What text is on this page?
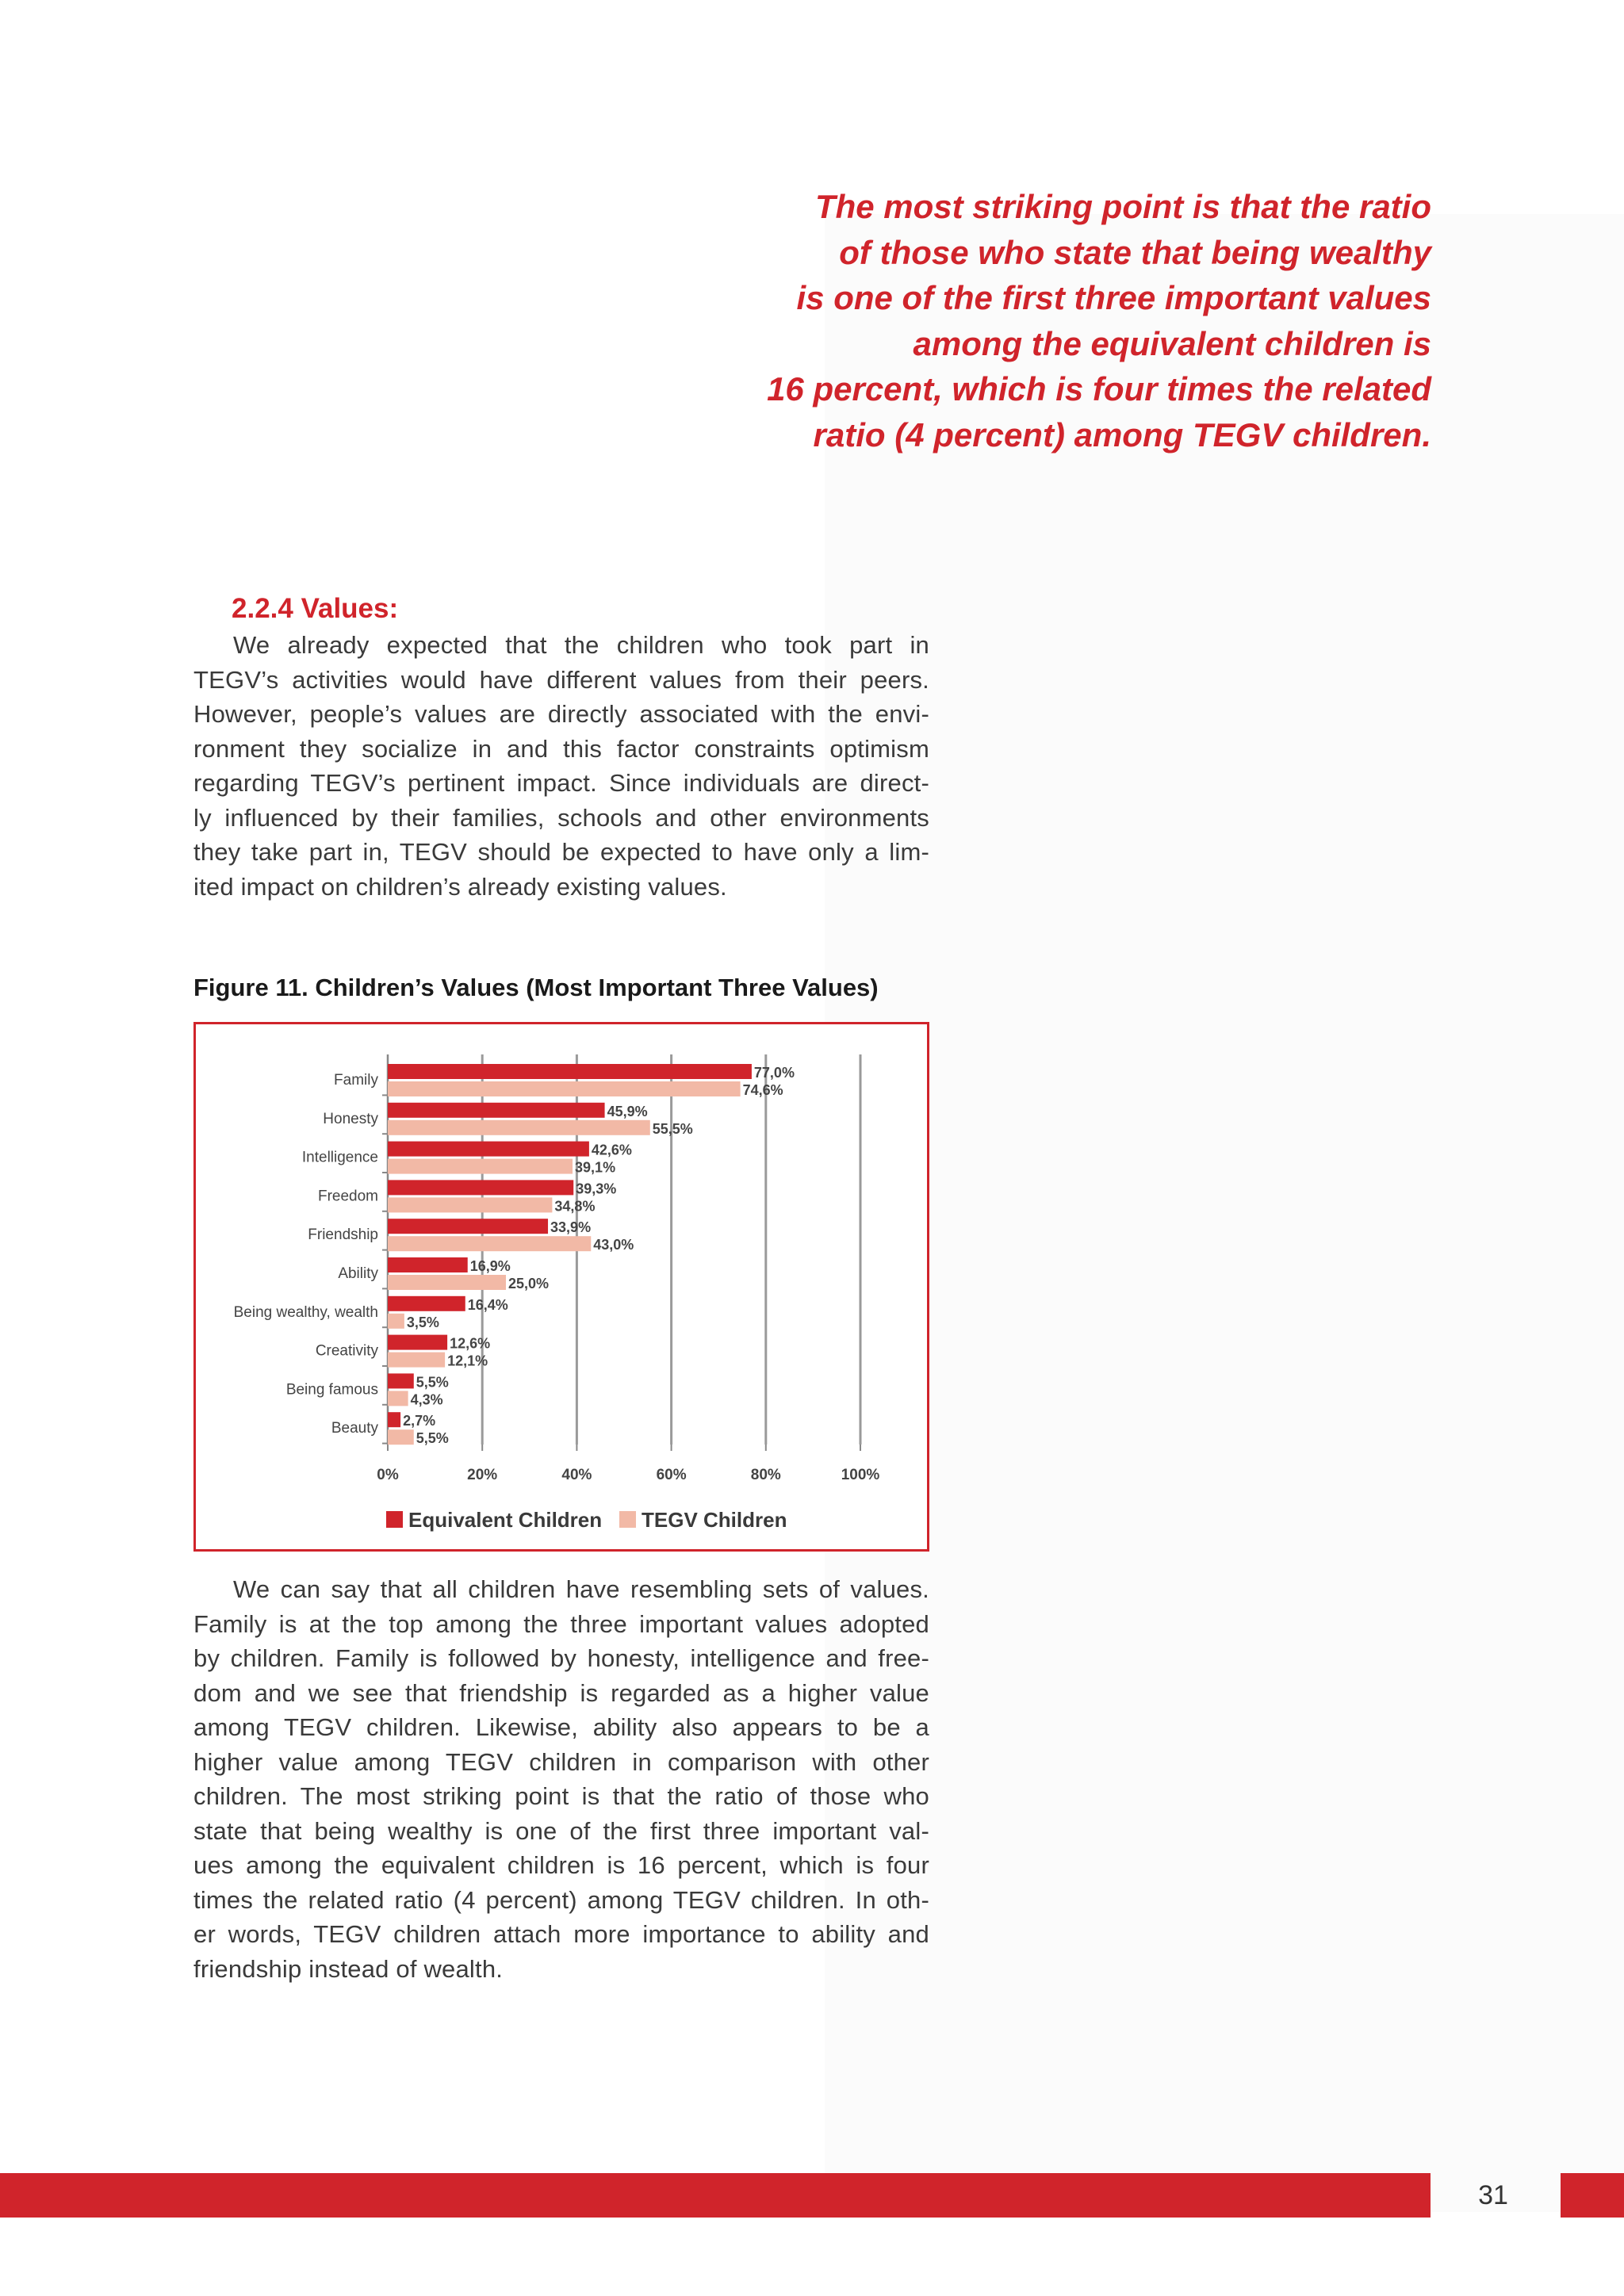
The most striking point is that the ratio
of those who state that being wealthy
is one of the first three important values
among the equivalent children is
16 percent, which is four times the related
ratio (4 percent) among TEGV children.
2.2.4 Values:
We already expected that the children who took part in
TEGV’s activities would have different values from their peers.
However, people’s values are directly associated with the envi-
ronment they socialize in and this factor constraints optimism
regarding TEGV’s pertinent impact. Since individuals are direct-
ly influenced by their families, schools and other environments
they take part in, TEGV should be expected to have only a lim-
ited impact on children’s already existing values.

Figure 11. Children’s Values (Most Important Three Values)

0%	20%	40%	60%	80%	100%
Family	77,0%
74,6%
Honesty	45,9%
55,5%
Intelligence	42,6%
39,1%
Freedom	39,3%
34,8%
Friendship	33,9%
43,0%
Ability	16,9%
25,0%
Being wealthy, wealth	16,4%
3,5%
Creativity	12,6%
12,1%
Being famous	5,5%
4,3%
Beauty 2,7%
5,5%
Equivalent Children TEGV Children
We can say that all children have resembling sets of values.
Family is at the top among the three important values adopted
by children. Family is followed by honesty, intelligence and free-
dom and we see that friendship is regarded as a higher value
among TEGV children. Likewise, ability also appears to be a
higher value among TEGV children in comparison with other
children. The most striking point is that the ratio of those who
state that being wealthy is one of the first three important val-
ues among the equivalent children is 16 percent, which is four
times the related ratio (4 percent) among TEGV children. In oth-
er words, TEGV children attach more importance to ability and
friendship instead of wealth.
31
